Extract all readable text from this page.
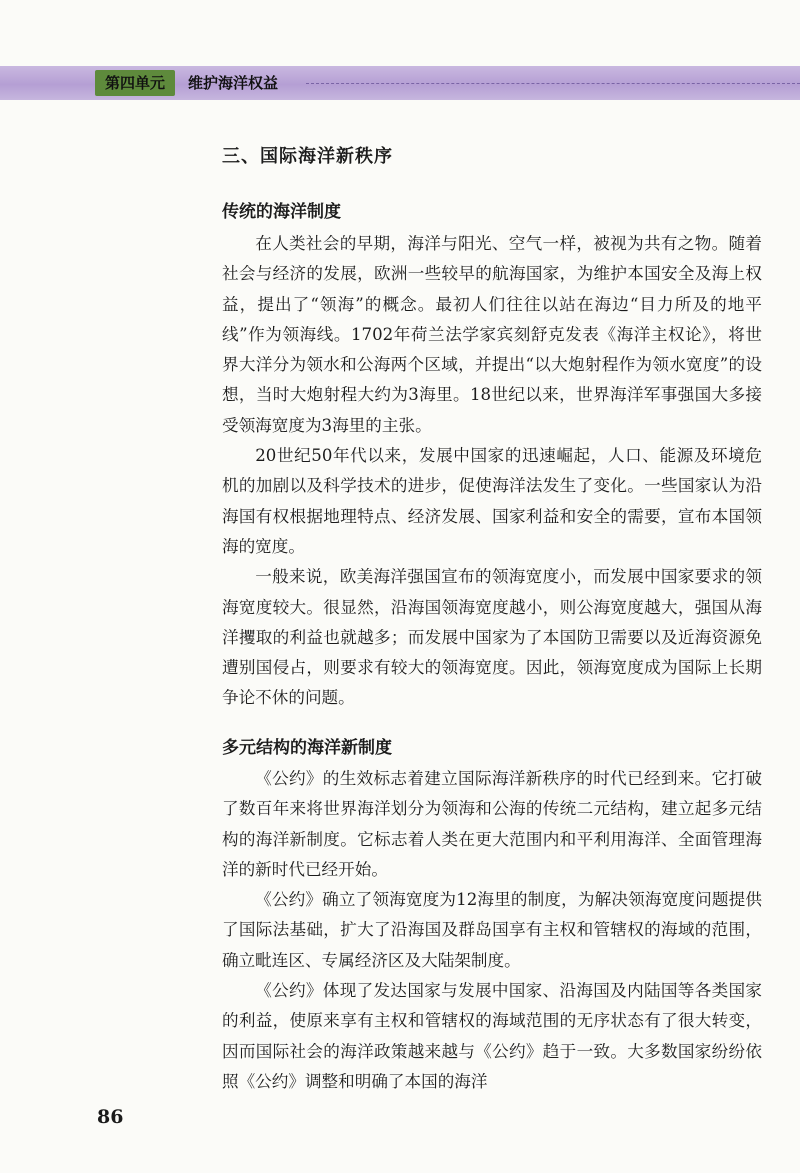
第四单元	维护海洋权益
三、国际海洋新秩序
传统的海洋制度

在人类社会的早期，海洋与阳光、空气一样，被视为共有之物。随着社会与经济的发展，欧洲一些较早的航海国家，为维护本国安全及海上权益，提出了“领海”的概念。最初人们往往以站在海边“目力所及的地平线”作为领海线。1702年荷兰法学家宾刻舒克发表《海洋主权论》，将世界大洋分为领水和公海两个区域，并提出“以大炮射程作为领水宽度”的设想，当时大炮射程大约为3海里。18世纪以来，世界海洋军事强国大多接受领海宽度为3海里的主张。

20世纪50年代以来，发展中国家的迅速崛起，人口、能源及环境危机的加剧以及科学技术的进步，促使海洋法发生了变化。一些国家认为沿海国有权根据地理特点、经济发展、国家利益和安全的需要，宣布本国领海的宽度。

一般来说，欧美海洋强国宣布的领海宽度小，而发展中国家要求的领海宽度较大。很显然，沿海国领海宽度越小，则公海宽度越大，强国从海洋攫取的利益也就越多；而发展中国家为了本国防卫需要以及近海资源免遭别国侵占，则要求有较大的领海宽度。因此，领海宽度成为国际上长期争论不休的问题。

多元结构的海洋新制度

《公约》的生效标志着建立国际海洋新秩序的时代已经到来。它打破了数百年来将世界海洋划分为领海和公海的传统二元结构，建立起多元结构的海洋新制度。它标志着人类在更大范围内和平利用海洋、全面管理海洋的新时代已经开始。

《公约》确立了领海宽度为12海里的制度，为解决领海宽度问题提供了国际法基础，扩大了沿海国及群岛国享有主权和管辖权的海域的范围，确立毗连区、专属经济区及大陆架制度。

《公约》体现了发达国家与发展中国家、沿海国及内陆国等各类国家的利益，使原来享有主权和管辖权的海域范围的无序状态有了很大转变，因而国际社会的海洋政策越来越与《公约》趋于一致。大多数国家纷纷依照《公约》调整和明确了本国的海洋

86
